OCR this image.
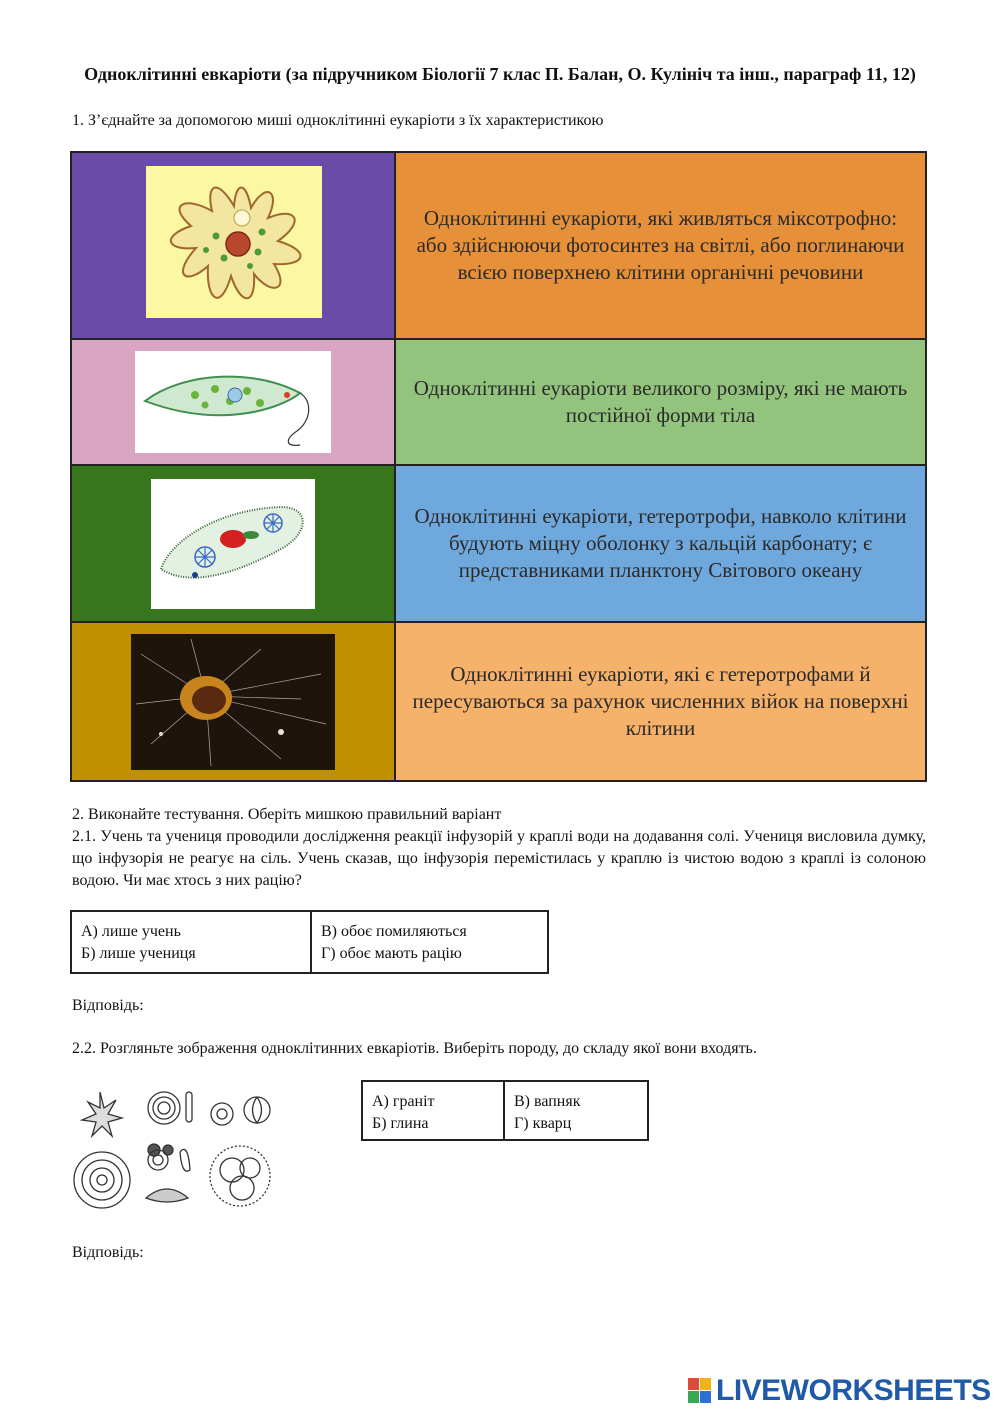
Одноклітинні евкаріоти (за підручником Біології 7 клас П. Балан, О. Кулініч та інш., параграф 11, 12)
1. З’єднайте за допомогою миші одноклітинні еукаріоти з їх характеристикою
Одноклітинні еукаріоти, які живляться міксотрофно: або здійснюючи фотосинтез на світлі, або поглинаючи всією поверхнею клітини органічні речовини
Одноклітинні еукаріоти великого розміру, які не мають постійної форми тіла
Одноклітинні еукаріоти, гетеротрофи, навколо клітини будують міцну оболонку з кальцій карбонату; є представниками планктону Світового океану
Одноклітинні еукаріоти, які є гетеротрофами й пересуваються за рахунок численних війок на поверхні клітини
2. Виконайте тестування. Оберіть мишкою правильний варіант
2.1. Учень та учениця проводили дослідження реакції інфузорій у краплі води на додавання солі. Учениця висловила думку, що інфузорія не реагує на сіль. Учень сказав, що інфузорія перемістилась у краплю із чистою водою з краплі із солоною водою. Чи має хтось з них рацію?
А) лише учень
Б) лише учениця
В) обоє помиляються
Г) обоє мають рацію
Відповідь:
2.2. Розгляньте зображення одноклітинних евкаріотів. Виберіть породу, до складу якої вони входять.
А) граніт
Б) глина
В) вапняк
Г) кварц
Відповідь:
LIVEWORKSHEETS
